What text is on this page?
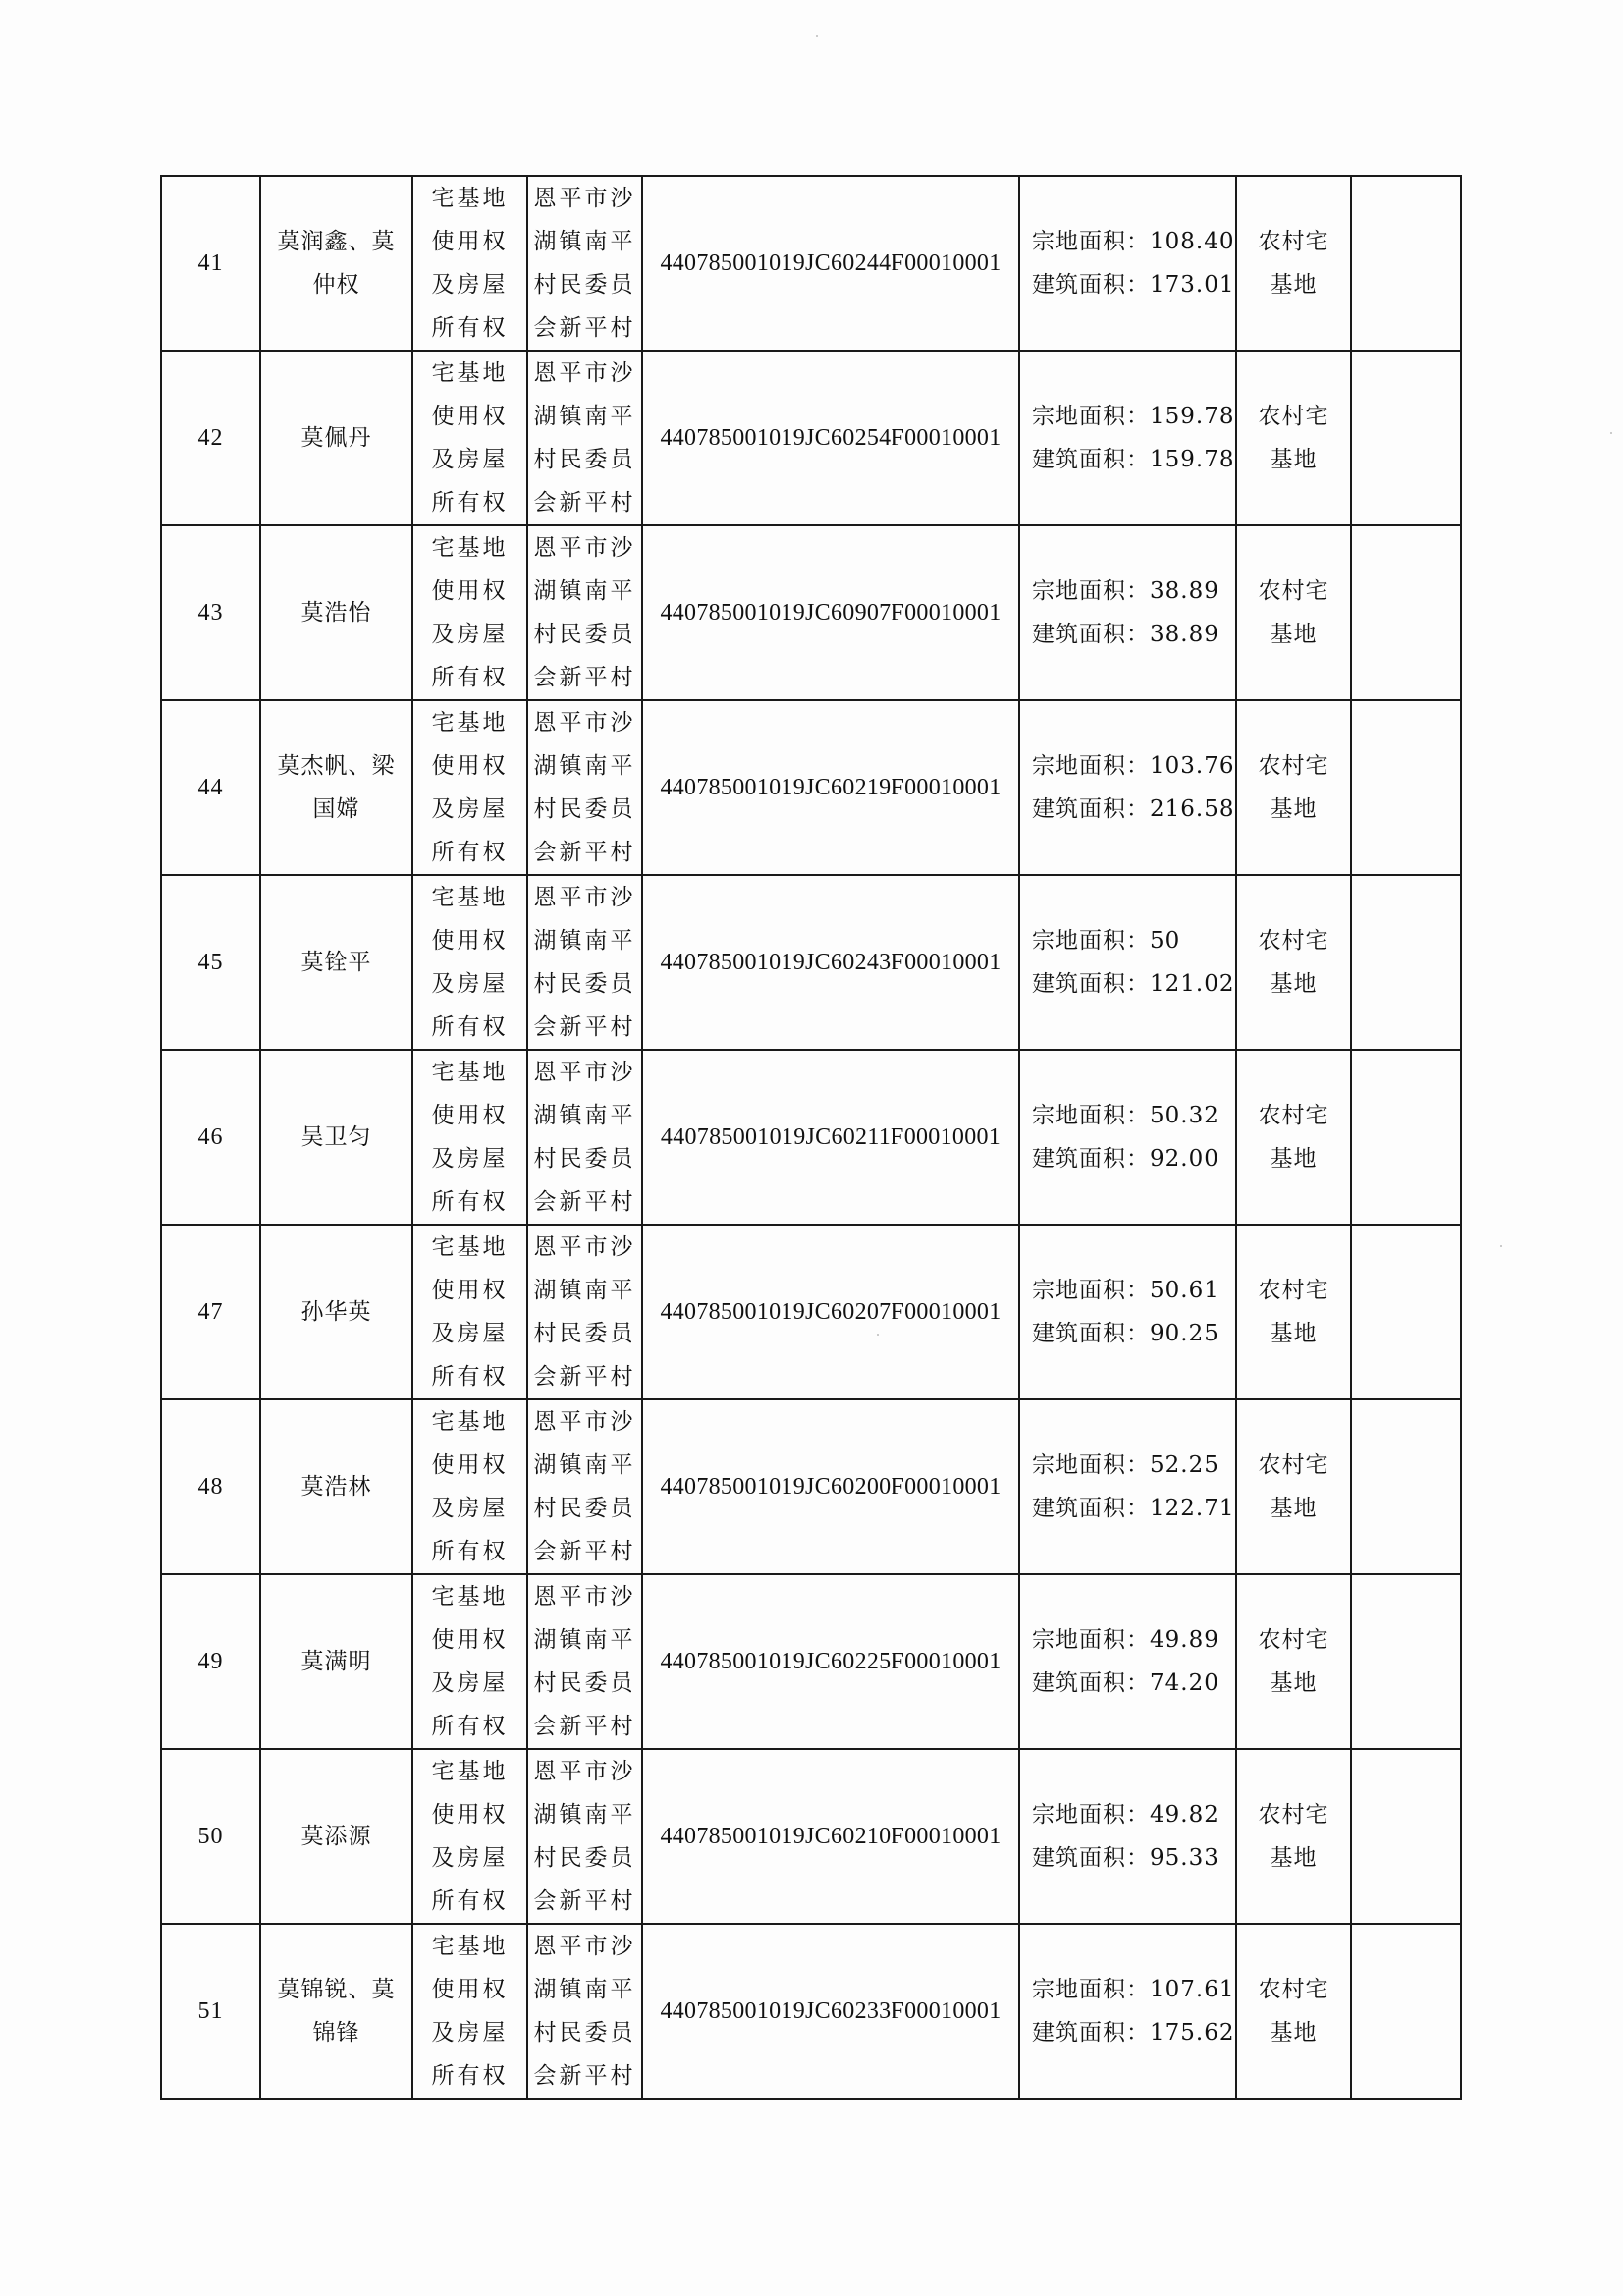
41	莫润鑫、莫仲权	宅基地
使用权
及房屋
所有权	恩平市沙
湖镇南平
村民委员
会新平村	440785001019JC60244F00010001	宗地面积：108.40
建筑面积：173.01	农村宅
基地	

42	莫佩丹	宅基地
使用权
及房屋
所有权	恩平市沙
湖镇南平
村民委员
会新平村	440785001019JC60254F00010001	宗地面积：159.78
建筑面积：159.78	农村宅
基地	

43	莫浩怡	宅基地
使用权
及房屋
所有权	恩平市沙
湖镇南平
村民委员
会新平村	440785001019JC60907F00010001	宗地面积：38.89
建筑面积：38.89	农村宅
基地	

44	莫杰帆、梁国嫦	宅基地
使用权
及房屋
所有权	恩平市沙
湖镇南平
村民委员
会新平村	440785001019JC60219F00010001	宗地面积：103.76
建筑面积：216.58	农村宅
基地	

45	莫铨平	宅基地
使用权
及房屋
所有权	恩平市沙
湖镇南平
村民委员
会新平村	440785001019JC60243F00010001	宗地面积：50
建筑面积：121.02	农村宅
基地	

46	吴卫匀	宅基地
使用权
及房屋
所有权	恩平市沙
湖镇南平
村民委员
会新平村	440785001019JC60211F00010001	宗地面积：50.32
建筑面积：92.00	农村宅
基地	

47	孙华英	宅基地
使用权
及房屋
所有权	恩平市沙
湖镇南平
村民委员
会新平村	440785001019JC60207F00010001	宗地面积：50.61
建筑面积：90.25	农村宅
基地	

48	莫浩林	宅基地
使用权
及房屋
所有权	恩平市沙
湖镇南平
村民委员
会新平村	440785001019JC60200F00010001	宗地面积：52.25
建筑面积：122.71	农村宅
基地	

49	莫满明	宅基地
使用权
及房屋
所有权	恩平市沙
湖镇南平
村民委员
会新平村	440785001019JC60225F00010001	宗地面积：49.89
建筑面积：74.20	农村宅
基地	

50	莫添源	宅基地
使用权
及房屋
所有权	恩平市沙
湖镇南平
村民委员
会新平村	440785001019JC60210F00010001	宗地面积：49.82
建筑面积：95.33	农村宅
基地	

51	莫锦锐、莫锦锋	宅基地
使用权
及房屋
所有权	恩平市沙
湖镇南平
村民委员
会新平村	440785001019JC60233F00010001	宗地面积：107.61
建筑面积：175.62	农村宅
基地	
